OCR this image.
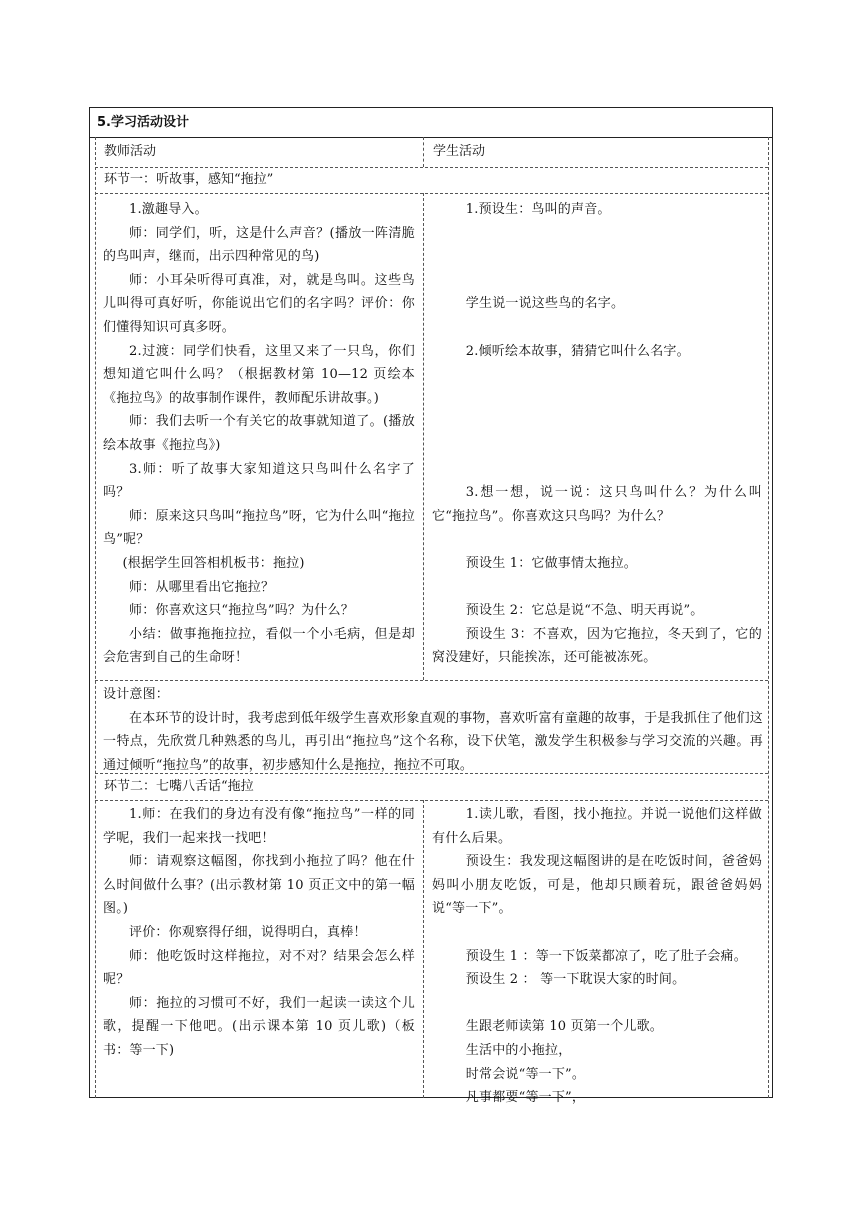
5.学习活动设计
教师活动	学生活动
环节一：听故事，感知“拖拉”

1.激趣导入。

师：同学们，听，这是什么声音？(播放一阵清脆的鸟叫声，继而，出示四种常见的鸟)

师：小耳朵听得可真准，对，就是鸟叫。这些鸟儿叫得可真好听，你能说出它们的名字吗？评价：你们懂得知识可真多呀。

2.过渡：同学们快看，这里又来了一只鸟，你们想知道它叫什么吗？（根据教材第 10—12 页绘本《拖拉鸟》的故事制作课件，教师配乐讲故事。)

师：我们去听一个有关它的故事就知道了。(播放绘本故事《拖拉鸟》)

3.师：听了故事大家知道这只鸟叫什么名字了吗？

师：原来这只鸟叫“拖拉鸟”呀，它为什么叫“拖拉鸟”呢？

(根据学生回答相机板书：拖拉)

师：从哪里看出它拖拉？

师：你喜欢这只“拖拉鸟”吗？为什么？

小结：做事拖拖拉拉，看似一个小毛病，但是却会危害到自己的生命呀！

1.预设生：鸟叫的声音。

学生说一说这些鸟的名字。

2.倾听绘本故事，猜猜它叫什么名字。

3.想一想，说一说：这只鸟叫什么？为什么叫它“拖拉鸟”。你喜欢这只鸟吗？为什么？

预设生 1：它做事情太拖拉。

预设生 2：它总是说“不急、明天再说”。

预设生 3：不喜欢，因为它拖拉，冬天到了，它的窝没建好，只能挨冻，还可能被冻死。

设计意图：

在本环节的设计时，我考虑到低年级学生喜欢形象直观的事物，喜欢听富有童趣的故事，于是我抓住了他们这一特点，先欣赏几种熟悉的鸟儿，再引出“拖拉鸟”这个名称，设下伏笔，激发学生积极参与学习交流的兴趣。再通过倾听“拖拉鸟”的故事，初步感知什么是拖拉，拖拉不可取。

环节二：七嘴八舌话“拖拉

1.师：在我们的身边有没有像“拖拉鸟”一样的同学呢，我们一起来找一找吧！

师：请观察这幅图，你找到小拖拉了吗？他在什么时间做什么事？(出示教材第 10 页正文中的第一幅图。)

评价：你观察得仔细，说得明白，真棒！

师：他吃饭时这样拖拉，对不对？结果会怎么样呢？

师：拖拉的习惯可不好，我们一起读一读这个儿歌，提醒一下他吧。(出示课本第 10 页儿歌)（板书：等一下)

1.读儿歌，看图，找小拖拉。并说一说他们这样做有什么后果。

预设生：我发现这幅图讲的是在吃饭时间，爸爸妈妈叫小朋友吃饭，可是，他却只顾着玩，跟爸爸妈妈说“等一下”。

预设生 1 ：等一下饭菜都凉了，吃了肚子会痛。

预设生 2 ： 等一下耽误大家的时间。

生跟老师读第 10 页第一个儿歌。

生活中的小拖拉，

时常会说“等一下”。

凡事都要“等一下”，
